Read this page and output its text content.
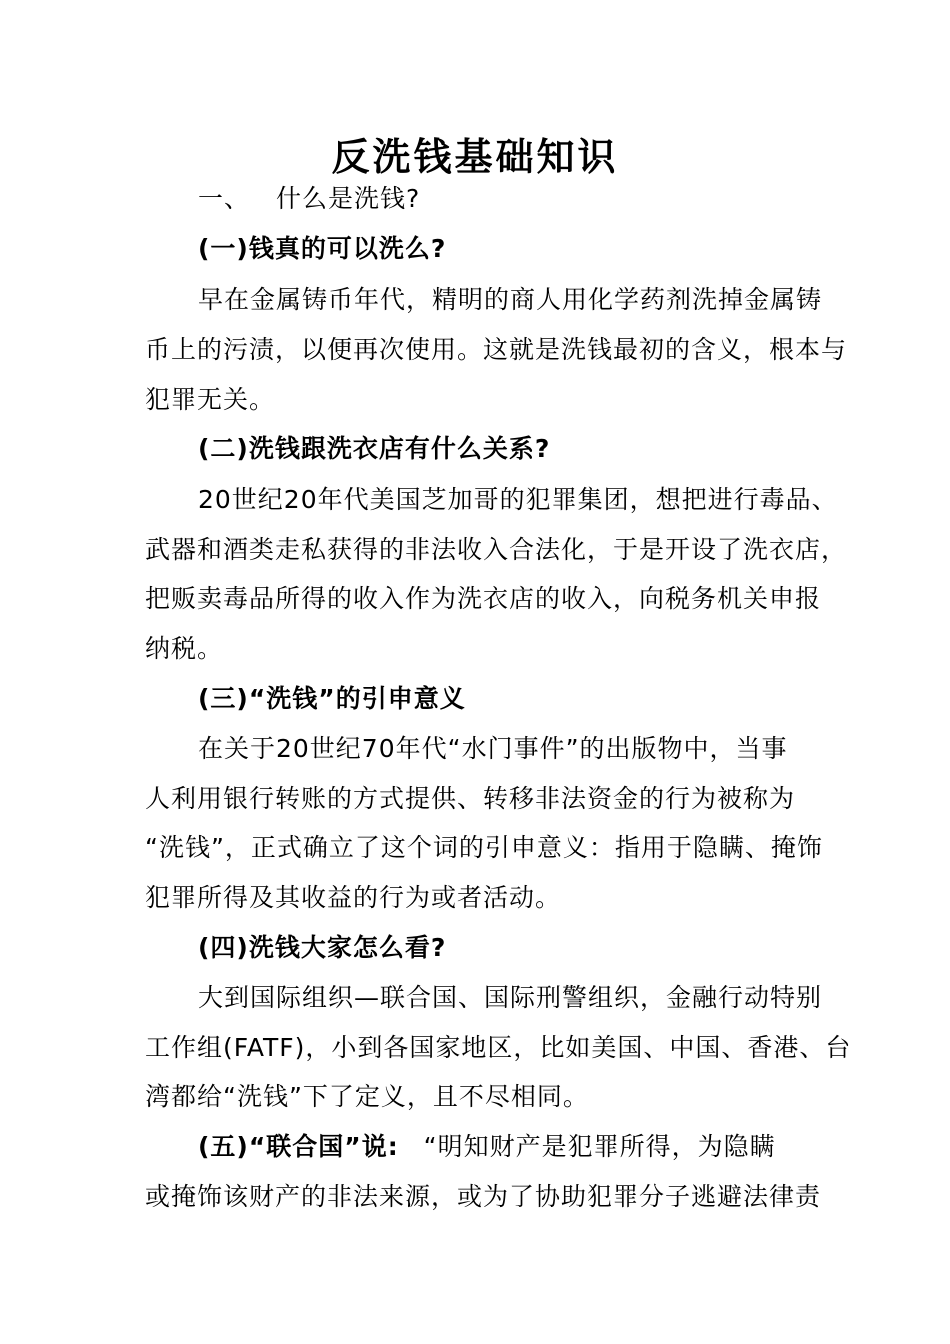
反洗钱基础知识
一、 什么是洗钱?
(一)钱真的可以洗么?
早在金属铸币年代，精明的商人用化学药剂洗掉金属铸
币上的污渍，以便再次使用。这就是洗钱最初的含义，根本与
犯罪无关。
(二)洗钱跟洗衣店有什么关系?
20世纪20年代美国芝加哥的犯罪集团，想把进行毒品、
武器和酒类走私获得的非法收入合法化，于是开设了洗衣店，
把贩卖毒品所得的收入作为洗衣店的收入，向税务机关申报
纳税。
(三)“洗钱”的引申意义
在关于20世纪70年代“水门事件”的出版物中，当事
人利用银行转账的方式提供、转移非法资金的行为被称为
“洗钱”，正式确立了这个词的引申意义：指用于隐瞒、掩饰
犯罪所得及其收益的行为或者活动。
(四)洗钱大家怎么看?
大到国际组织—联合国、国际刑警组织，金融行动特别
工作组(FATF)，小到各国家地区，比如美国、中国、香港、台
湾都给“洗钱”下了定义，且不尽相同。
(五)“联合国”说: “明知财产是犯罪所得，为隐瞒
或掩饰该财产的非法来源，或为了协助犯罪分子逃避法律责
